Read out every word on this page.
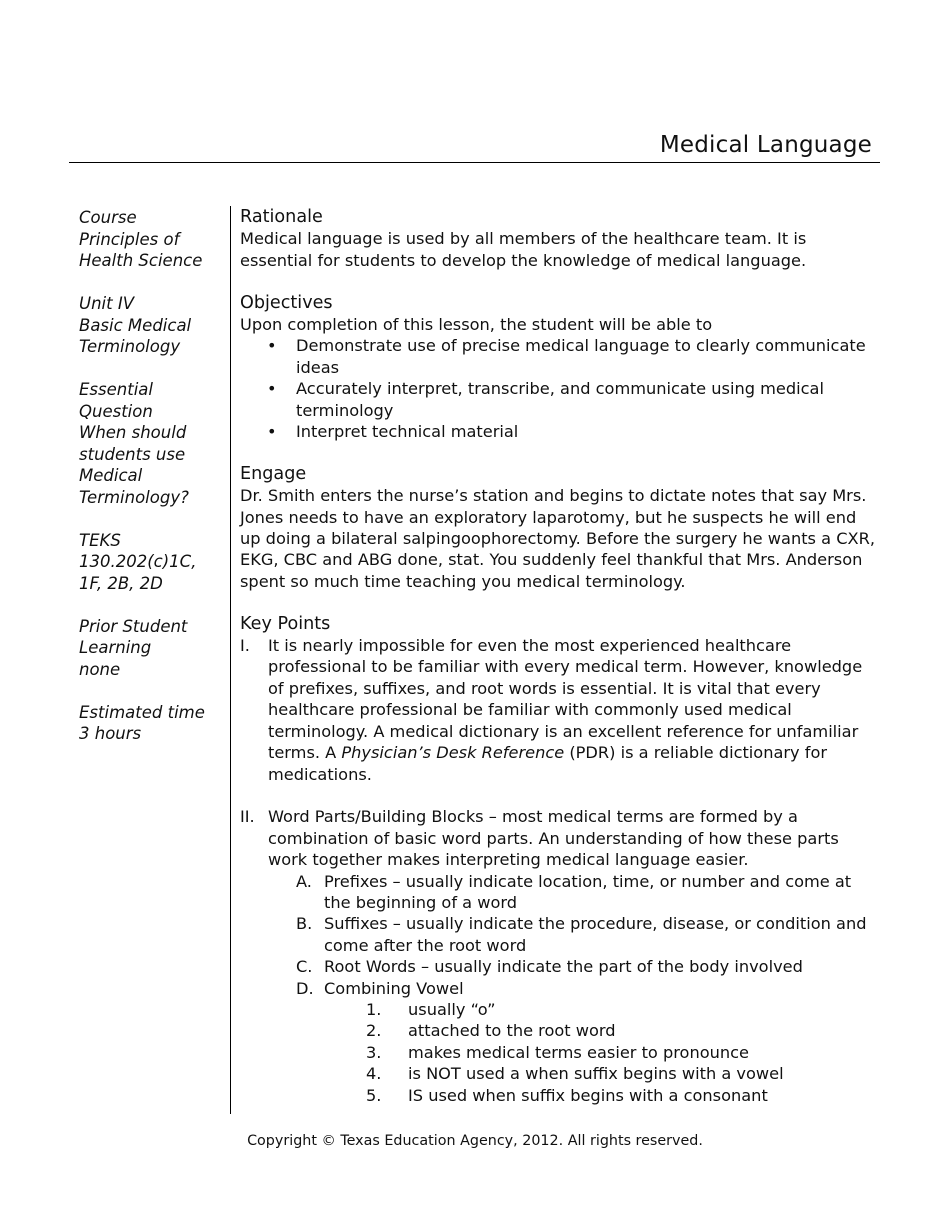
Medical Language
Course
Principles of
Health Science
Unit IV
Basic Medical
Terminology
Essential
Question
When should
students use
Medical
Terminology?
TEKS
130.202(c)1C,
1F, 2B, 2D
Prior Student
Learning
none
Estimated time
3 hours
Rationale
Medical language is used by all members of the healthcare team. It is essential for students to develop the knowledge of medical language.
Objectives
Upon completion of this lesson, the student will be able to
• Demonstrate use of precise medical language to clearly communicate ideas
• Accurately interpret, transcribe, and communicate using medical terminology
• Interpret technical material
Engage
Dr. Smith enters the nurse’s station and begins to dictate notes that say Mrs. Jones needs to have an exploratory laparotomy, but he suspects he will end up doing a bilateral salpingoophorectomy. Before the surgery he wants a CXR, EKG, CBC and ABG done, stat. You suddenly feel thankful that Mrs. Anderson spent so much time teaching you medical terminology.
Key Points
I. It is nearly impossible for even the most experienced healthcare professional to be familiar with every medical term. However, knowledge of prefixes, suffixes, and root words is essential. It is vital that every healthcare professional be familiar with commonly used medical terminology. A medical dictionary is an excellent reference for unfamiliar terms. A Physician’s Desk Reference (PDR) is a reliable dictionary for medications.
II. Word Parts/Building Blocks – most medical terms are formed by a combination of basic word parts. An understanding of how these parts work together makes interpreting medical language easier.
A. Prefixes – usually indicate location, time, or number and come at the beginning of a word
B. Suffixes – usually indicate the procedure, disease, or condition and come after the root word
C. Root Words – usually indicate the part of the body involved
D. Combining Vowel
1. usually “o”
2. attached to the root word
3. makes medical terms easier to pronounce
4. is NOT used a when suffix begins with a vowel
5. IS used when suffix begins with a consonant
Copyright © Texas Education Agency, 2012. All rights reserved.
